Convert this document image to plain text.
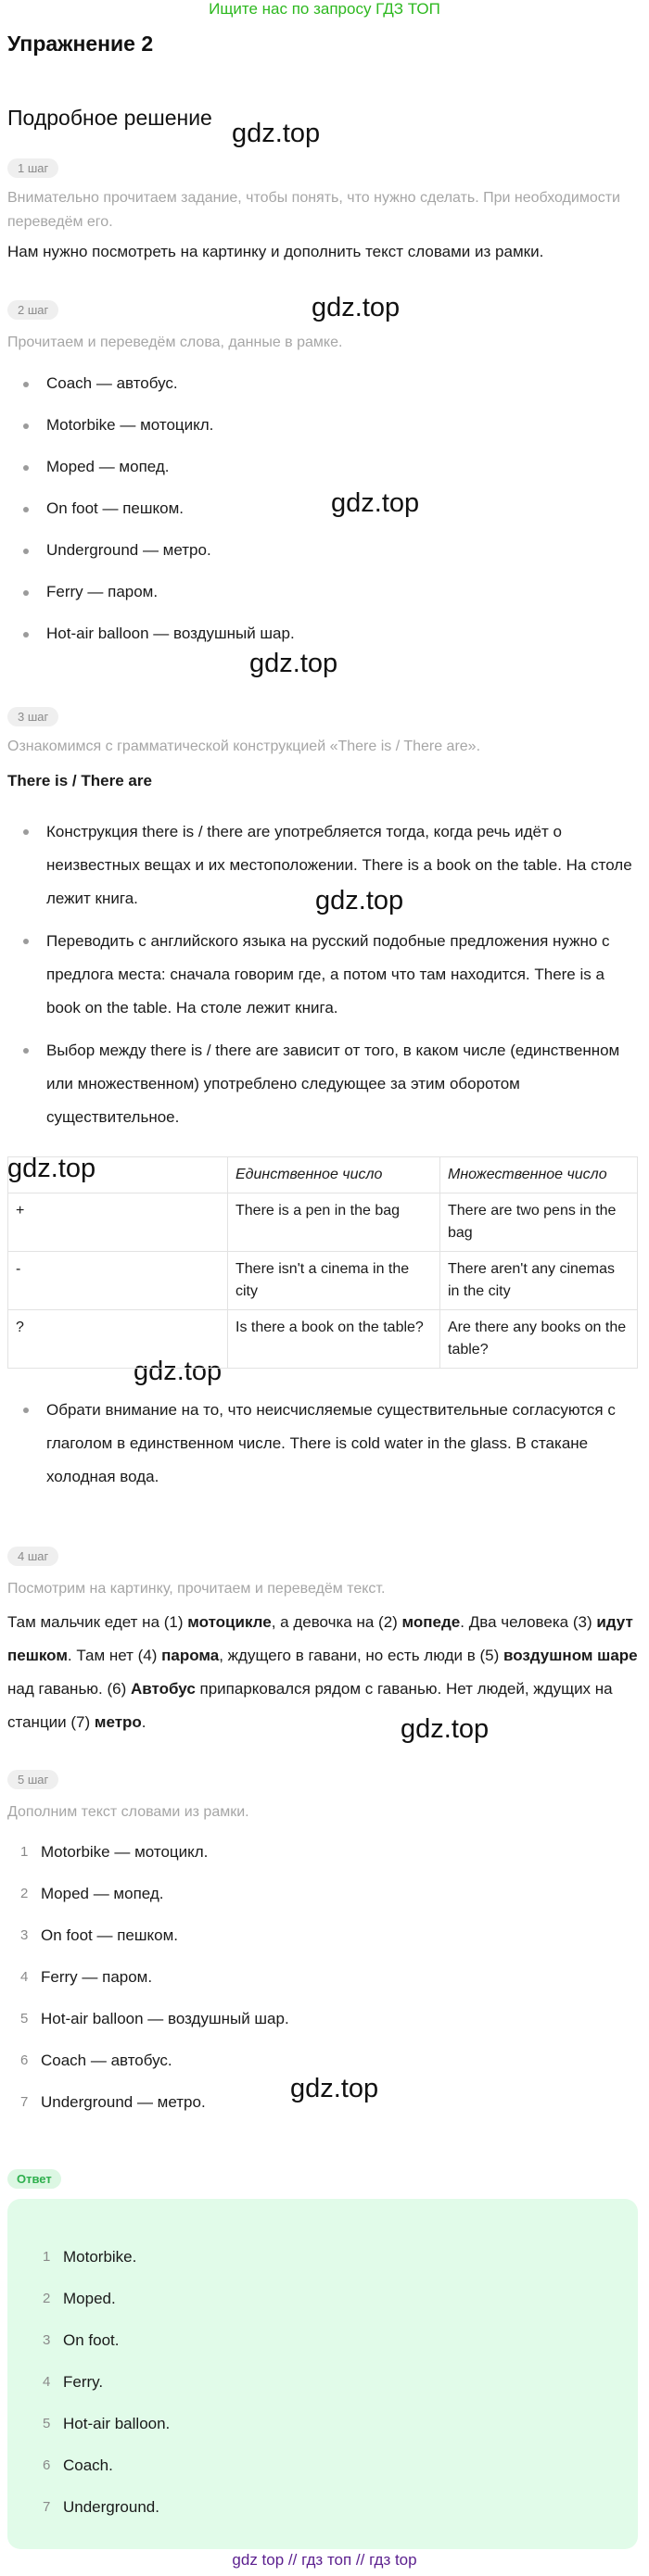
Ищите нас по запросу ГДЗ ТОП
Упражнение 2
Подробное решение
gdz.top
gdz.top
gdz.top
gdz.top
gdz.top
gdz.top
gdz.top
gdz.top
gdz.top
1 шаг
Внимательно прочитаем задание, чтобы понять, что нужно сделать. При необходимости переведём его.
Нам нужно посмотреть на картинку и дополнить текст словами из рамки.
2 шаг
Прочитаем и переведём слова, данные в рамке.
Coach — автобус.
Motorbike — мотоцикл.
Moped — мопед.
On foot — пешком.
Underground — метро.
Ferry — паром.
Hot-air balloon — воздушный шар.
3 шаг
Ознакомимся с грамматической конструкцией «There is / There are».
There is / There are
Конструкция there is / there are употребляется тогда, когда речь идёт о неизвестных вещах и их местоположении. There is a book on the table. На столе лежит книга.
Переводить с английского языка на русский подобные предложения нужно с предлога места: сначала говорим где, а потом что там находится. There is a book on the table. На столе лежит книга.
Выбор между there is / there are зависит от того, в каком числе (единственном или множественном) употреблено следующее за этим оборотом существительное.
	Единственное число	Множественное число
+	There is a pen in the bag	There are two pens in the bag
-	There isn't a cinema in the city	There aren't any cinemas in the city
?	Is there a book on the table?	Are there any books on the table?
Обрати внимание на то, что неисчисляемые существительные согласуются с глаголом в единственном числе. There is cold water in the glass. В стакане холодная вода.
4 шаг
Посмотрим на картинку, прочитаем и переведём текст.
Там мальчик едет на (1) мотоцикле, а девочка на (2) мопеде. Два человека (3) идут пешком. Там нет (4) парома, ждущего в гавани, но есть люди в (5) воздушном шаре над гаванью. (6) Автобус припарковался рядом с гаванью. Нет людей, ждущих на станции (7) метро.
5 шаг
Дополним текст словами из рамки.
1 Motorbike — мотоцикл.
2 Moped — мопед.
3 On foot — пешком.
4 Ferry — паром.
5 Hot-air balloon — воздушный шар.
6 Coach — автобус.
7 Underground — метро.
Ответ
1 Motorbike.
2 Moped.
3 On foot.
4 Ferry.
5 Hot-air balloon.
6 Coach.
7 Underground.
gdz top // гдз топ // гдз top
